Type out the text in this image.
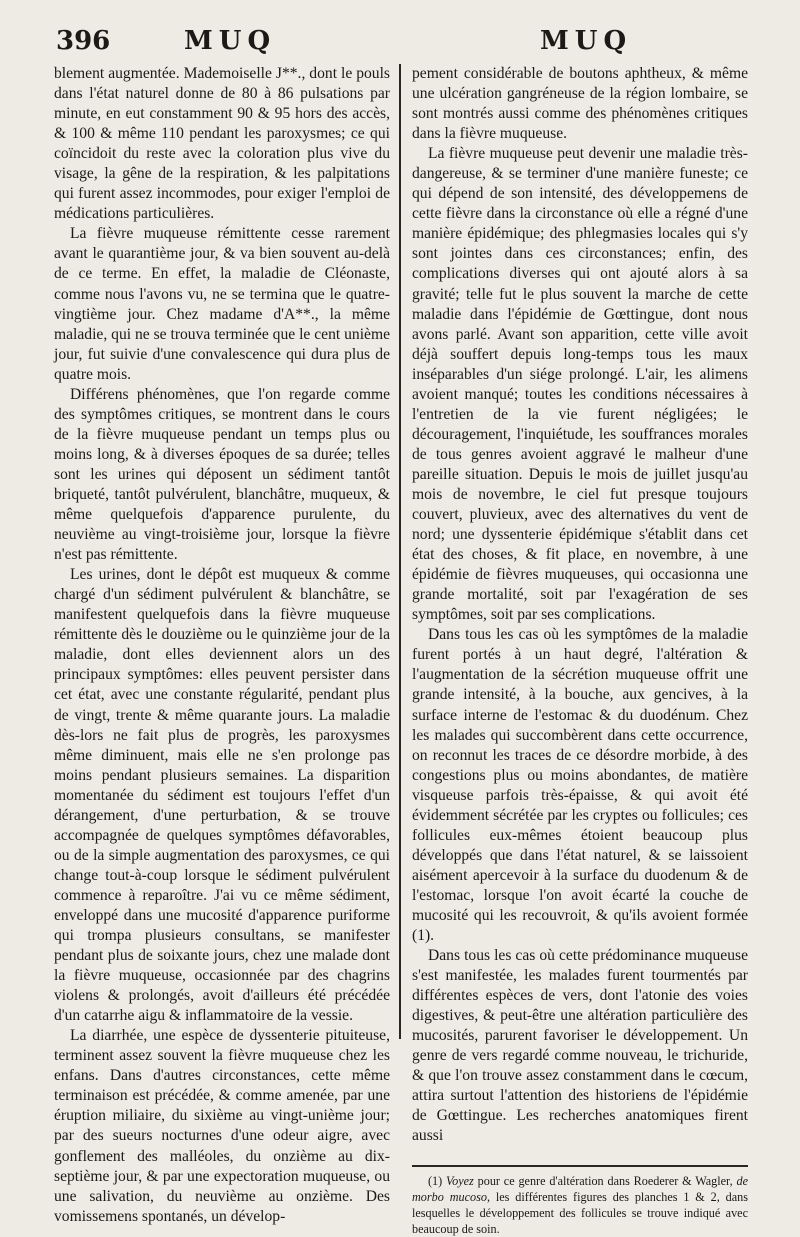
396	MUQ	MUQ

blement augmentée. Mademoiselle J**., dont le pouls dans l'état naturel donne de 80 à 86 pulsations par minute, en eut constamment 90 & 95 hors des accès, & 100 & même 110 pendant les paroxysmes; ce qui coïncidoit du reste avec la coloration plus vive du visage, la gêne de la respiration, & les palpitations qui furent assez incommodes, pour exiger l'emploi de médications particulières.

La fièvre muqueuse rémittente cesse rarement avant le quarantième jour, & va bien souvent au-delà de ce terme. En effet, la maladie de Cléonaste, comme nous l'avons vu, ne se termina que le quatre-vingtième jour. Chez madame d'A**., la même maladie, qui ne se trouva terminée que le cent unième jour, fut suivie d'une convalescence qui dura plus de quatre mois.

Différens phénomènes, que l'on regarde comme des symptômes critiques, se montrent dans le cours de la fièvre muqueuse pendant un temps plus ou moins long, & à diverses époques de sa durée; telles sont les urines qui déposent un sédiment tantôt briqueté, tantôt pulvérulent, blanchâtre, muqueux, & même quelquefois d'apparence purulente, du neuvième au vingt-troisième jour, lorsque la fièvre n'est pas rémittente.

Les urines, dont le dépôt est muqueux & comme chargé d'un sédiment pulvérulent & blanchâtre, se manifestent quelquefois dans la fièvre muqueuse rémittente dès le douzième ou le quinzième jour de la maladie, dont elles deviennent alors un des principaux symptômes: elles peuvent persister dans cet état, avec une constante régularité, pendant plus de vingt, trente & même quarante jours. La maladie dès-lors ne fait plus de progrès, les paroxysmes même diminuent, mais elle ne s'en prolonge pas moins pendant plusieurs semaines. La disparition momentanée du sédiment est toujours l'effet d'un dérangement, d'une perturbation, & se trouve accompagnée de quelques symptômes défavorables, ou de la simple augmentation des paroxysmes, ce qui change tout-à-coup lorsque le sédiment pulvérulent commence à reparoître. J'ai vu ce même sédiment, enveloppé dans une mucosité d'apparence puriforme qui trompa plusieurs consultans, se manifester pendant plus de soixante jours, chez une malade dont la fièvre muqueuse, occasionnée par des chagrins violens & prolongés, avoit d'ailleurs été précédée d'un catarrhe aigu & inflammatoire de la vessie.

La diarrhée, une espèce de dyssenterie pituiteuse, terminent assez souvent la fièvre muqueuse chez les enfans. Dans d'autres circonstances, cette même terminaison est précédée, & comme amenée, par une éruption miliaire, du sixième au vingt-unième jour; par des sueurs nocturnes d'une odeur aigre, avec gonflement des malléoles, du onzième au dix-septième jour, & par une expectoration muqueuse, ou une salivation, du neuvième au onzième. Des vomissemens spontanés, un dévelop-

pement considérable de boutons aphtheux, & même une ulcération gangréneuse de la région lombaire, se sont montrés aussi comme des phénomènes critiques dans la fièvre muqueuse.

La fièvre muqueuse peut devenir une maladie très-dangereuse, & se terminer d'une manière funeste; ce qui dépend de son intensité, des développemens de cette fièvre dans la circonstance où elle a régné d'une manière épidémique; des phlegmasies locales qui s'y sont jointes dans ces circonstances; enfin, des complications diverses qui ont ajouté alors à sa gravité; telle fut le plus souvent la marche de cette maladie dans l'épidémie de Gœttingue, dont nous avons parlé. Avant son apparition, cette ville avoit déjà souffert depuis long-temps tous les maux inséparables d'un siége prolongé. L'air, les alimens avoient manqué; toutes les conditions nécessaires à l'entretien de la vie furent négligées; le découragement, l'inquiétude, les souffrances morales de tous genres avoient aggravé le malheur d'une pareille situation. Depuis le mois de juillet jusqu'au mois de novembre, le ciel fut presque toujours couvert, pluvieux, avec des alternatives du vent de nord; une dyssenterie épidémique s'établit dans cet état des choses, & fit place, en novembre, à une épidémie de fièvres muqueuses, qui occasionna une grande mortalité, soit par l'exagération de ses symptômes, soit par ses complications.

Dans tous les cas où les symptômes de la maladie furent portés à un haut degré, l'altération & l'augmentation de la sécrétion muqueuse offrit une grande intensité, à la bouche, aux gencives, à la surface interne de l'estomac & du duodénum. Chez les malades qui succombèrent dans cette occurrence, on reconnut les traces de ce désordre morbide, à des congestions plus ou moins abondantes, de matière visqueuse parfois très-épaisse, & qui avoit été évidemment sécrétée par les cryptes ou follicules; ces follicules eux-mêmes étoient beaucoup plus développés que dans l'état naturel, & se laissoient aisément apercevoir à la surface du duodenum & de l'estomac, lorsque l'on avoit écarté la couche de mucosité qui les recouvroit, & qu'ils avoient formée (1).

Dans tous les cas où cette prédominance muqueuse s'est manifestée, les malades furent tourmentés par différentes espèces de vers, dont l'atonie des voies digestives, & peut-être une altération particulière des mucosités, parurent favoriser le développement. Un genre de vers regardé comme nouveau, le trichuride, & que l'on trouve assez constamment dans le cœcum, attira surtout l'attention des historiens de l'épidémie de Gœttingue. Les recherches anatomiques firent aussi

(1) Voyez pour ce genre d'altération dans Roederer & Wagler, de morbo mucoso, les différentes figures des planches 1 & 2, dans lesquelles le développement des follicules se trouve indiqué avec beaucoup de soin.
